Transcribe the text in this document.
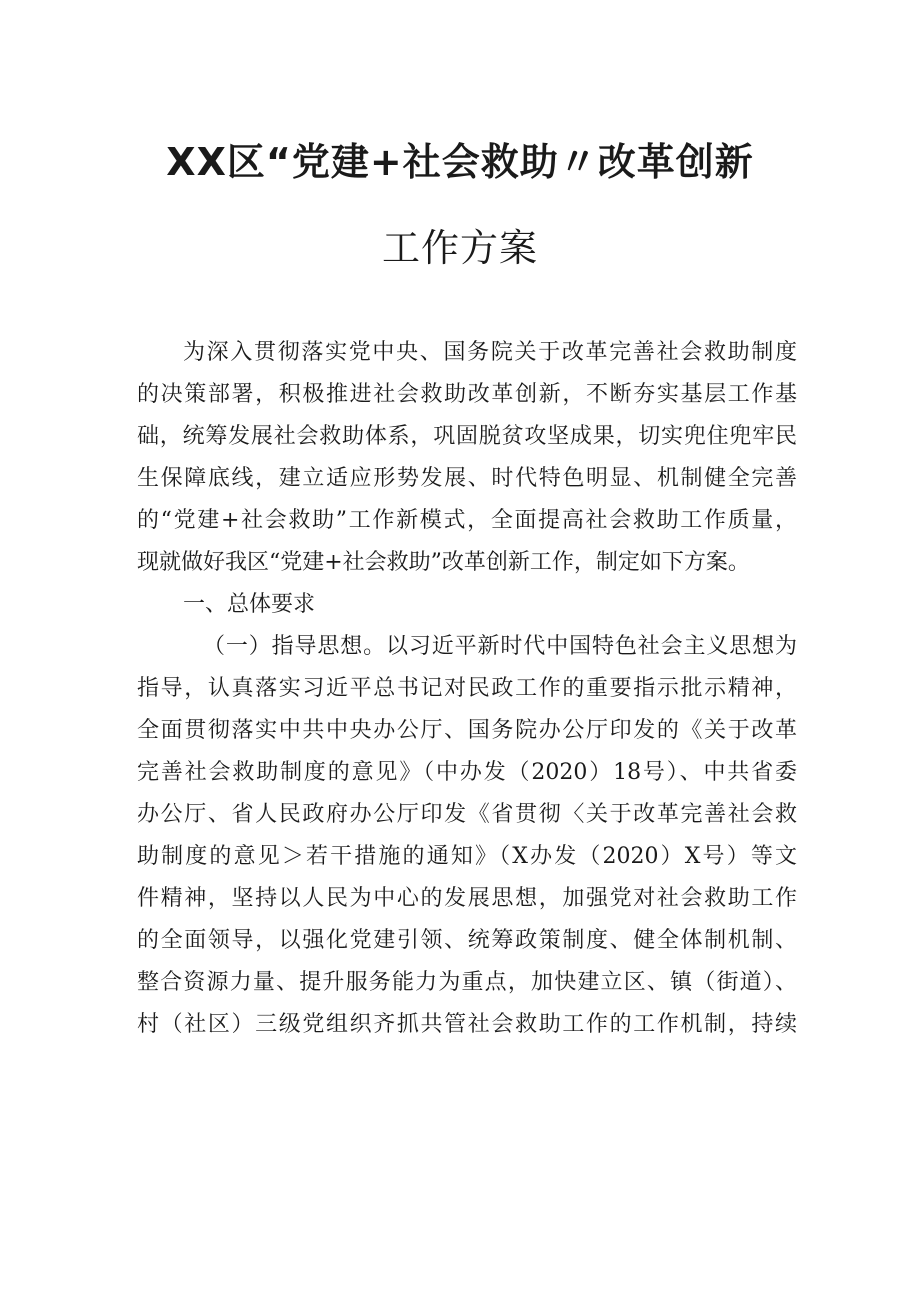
XX区“党建+社会救助〃改革创新
工作方案
为深入贯彻落实党中央、国务院关于改革完善社会救助制度
的决策部署，积极推进社会救助改革创新，不断夯实基层工作基
础，统筹发展社会救助体系，巩固脱贫攻坚成果，切实兜住兜牢民
生保障底线，建立适应形势发展、时代特色明显、机制健全完善
的“党建+社会救助”工作新模式，全面提高社会救助工作质量，
现就做好我区“党建+社会救助”改革创新工作，制定如下方案。
一、总体要求
（一）指导思想。以习近平新时代中国特色社会主义思想为
指导，认真落实习近平总书记对民政工作的重要指示批示精神，
全面贯彻落实中共中央办公厅、国务院办公厅印发的《关于改革
完善社会救助制度的意见》（中办发（2020）18号）、中共省委
办公厅、省人民政府办公厅印发《省贯彻〈关于改革完善社会救
助制度的意见＞若干措施的通知》（X办发（2020）X号）等文
件精神，坚持以人民为中心的发展思想，加强党对社会救助工作
的全面领导，以强化党建引领、统筹政策制度、健全体制机制、
整合资源力量、提升服务能力为重点，加快建立区、镇（街道）、
村（社区）三级党组织齐抓共管社会救助工作的工作机制，持续
